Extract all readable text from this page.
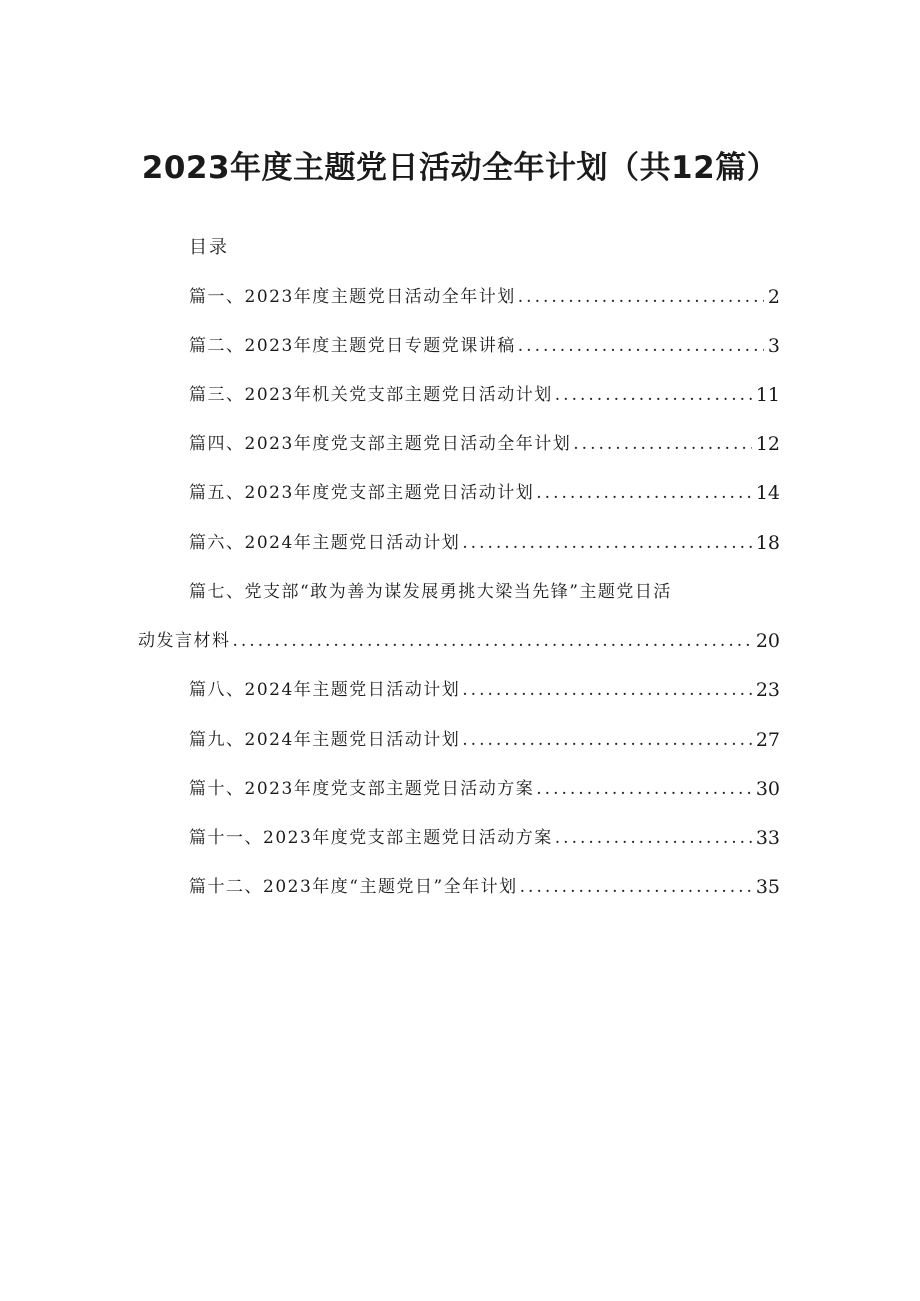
2023年度主题党日活动全年计划（共12篇）
目录
篇一、2023年度主题党日活动全年计划 .....	2
篇二、2023年度主题党日专题党课讲稿 .....	3
篇三、2023年机关党支部主题党日活动计划 .....	11
篇四、2023年度党支部主题党日活动全年计划 .....	12
篇五、2023年度党支部主题党日活动计划 .....	14
篇六、2024年主题党日活动计划 .....	18
篇七、党支部“敢为善为谋发展勇挑大梁当先锋”主题党日活
动发言材料 .....	20
篇八、2024年主题党日活动计划 .....	23
篇九、2024年主题党日活动计划 .....	27
篇十、2023年度党支部主题党日活动方案 .....	30
篇十一、2023年度党支部主题党日活动方案 .....	33
篇十二、2023年度“主题党日”全年计划 .....	35
